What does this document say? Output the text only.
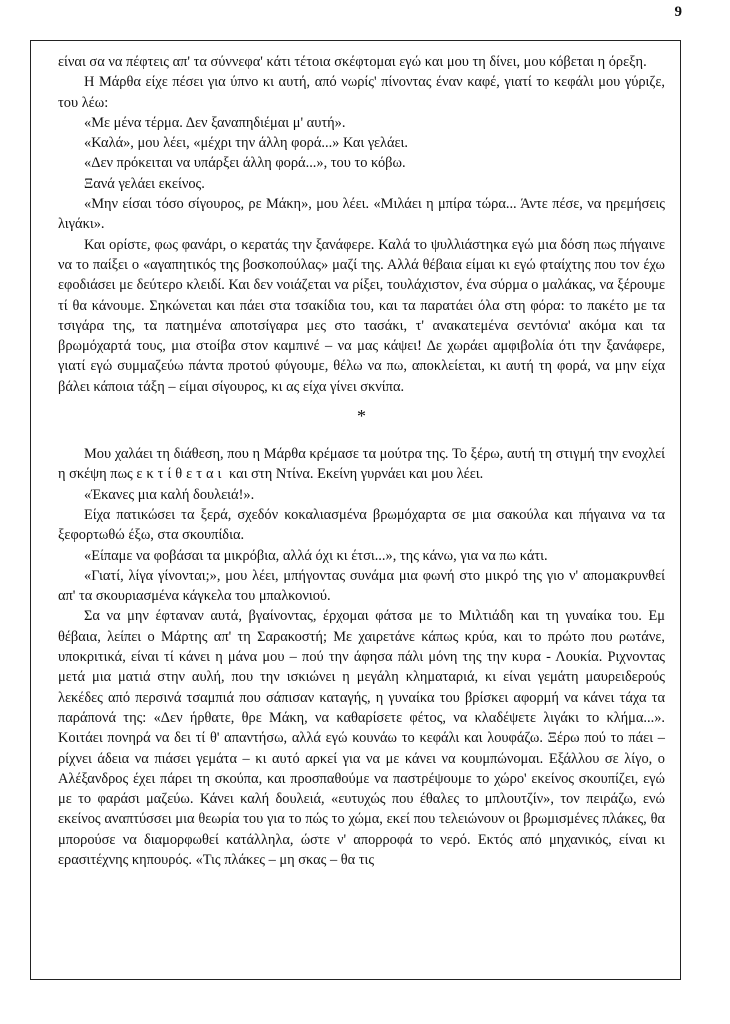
9

είναι σα να πέφτεις απ' τα σύννεφα' κάτι τέτοια σκέφτομαι εγώ και μου τη δίνει, μου κόβεται η όρεξη.

Η Μάρθα είχε πέσει για ύπνο κι αυτή, από νωρίς' πίνοντας έναν καφέ, γιατί το κεφάλι μου γύριζε, του λέω:

«Με μένα τέρμα. Δεν ξαναπηδιέμαι μ' αυτή».

«Καλά», μου λέει, «μέχρι την άλλη φορά...» Και γελάει.

«Δεν πρόκειται να υπάρξει άλλη φορά...», του το κόβω.

Ξανά γελάει εκείνος.

«Μην είσαι τόσο σίγουρος, ρε Μάκη», μου λέει. «Μιλάει η μπίρα τώρα... Άντε πέσε, να ηρεμήσεις λιγάκι».

Και ορίστε, φως φανάρι, ο κερατάς την ξανάφερε. Καλά το ψυλλιάστηκα εγώ μια δόση πως πήγαινε να το παίξει ο «αγαπητικός της βοσκοπούλας» μαζί της. Αλλά θέβαια είμαι κι εγώ φταίχτης που τον έχω εφοδιάσει με δεύτερο κλειδί. Και δεν νοιάζεται να ρίξει, τουλάχιστον, ένα σύρμα ο μαλάκας, να ξέρουμε τί θα κάνουμε. Σηκώνεται και πάει στα τσακίδια του, και τα παρατάει όλα στη φόρα: το πακέτο με τα τσιγάρα της, τα πατημένα αποτσίγαρα μες στο τασάκι, τ' ανακατεμένα σεντόνια' ακόμα και τα βρωμόχαρτά τους, μια στοίβα στον καμπινέ – να μας κάψει! Δε χωράει αμφιβολία ότι την ξανάφερε, γιατί εγώ συμμαζεύω πάντα προτού φύγουμε, θέλω να πω, αποκλείεται, κι αυτή τη φορά, να μην είχα βάλει κάποια τάξη – είμαι σίγουρος, κι ας είχα γίνει σκνίπα.

*

Μου χαλάει τη διάθεση, που η Μάρθα κρέμασε τα μούτρα της. Το ξέρω, αυτή τη στιγμή την ενοχλεί η σκέψη πως εκτίθεται και στη Ντίνα. Εκείνη γυρνάει και μου λέει.

«Έκανες μια καλή δουλειά!».

Είχα πατικώσει τα ξερά, σχεδόν κοκαλιασμένα βρωμόχαρτα σε μια σακούλα και πήγαινα να τα ξεφορτωθώ έξω, στα σκουπίδια.

«Είπαμε να φοβάσαι τα μικρόβια, αλλά όχι κι έτσι...», της κάνω, για να πω κάτι.

«Γιατί, λίγα γίνονται;», μου λέει, μπήγοντας συνάμα μια φωνή στο μικρό της γιο ν' απομακρυνθεί απ' τα σκουριασμένα κάγκελα του μπαλκονιού.

Σα να μην έφταναν αυτά, βγαίνοντας, έρχομαι φάτσα με το Μιλτιάδη και τη γυναίκα του. Εμ θέβαια, λείπει ο Μάρτης απ' τη Σαρακοστή; Με χαιρετάνε κάπως κρύα, και το πρώτο που ρωτάνε, υποκριτικά, είναι τί κάνει η μάνα μου – πού την άφησα πάλι μόνη της την κυρα - Λουκία. Ριχνοντας μετά μια ματιά στην αυλή, που την ισκιώνει η μεγάλη κληματαριά, κι είναι γεμάτη μαυρειδερούς λεκέδες από περσινά τσαμπιά που σάπισαν καταγής, η γυναίκα του βρίσκει αφορμή να κάνει τάχα τα παράπονά της: «Δεν ήρθατε, θρε Μάκη, να καθαρίσετε φέτος, να κλαδέψετε λιγάκι το κλήμα...». Κοιτάει πονηρά να δει τί θ' απαντήσω, αλλά εγώ κουνάω το κεφάλι και λουφάζω. Ξέρω πού το πάει – ρίχνει άδεια να πιάσει γεμάτα – κι αυτό αρκεί για να με κάνει να κουμπώνομαι. Εξάλλου σε λίγο, ο Αλέξανδρος έχει πάρει τη σκούπα, και προσπαθούμε να παστρέψουμε το χώρο' εκείνος σκουπίζει, εγώ με το φαράσι μαζεύω. Κάνει καλή δουλειά, «ευτυχώς που έθαλες το μπλουτζίν», τον πειράζω, ενώ εκείνος αναπτύσσει μια θεωρία του για το πώς το χώμα, εκεί που τελειώνουν οι βρωμισμένες πλάκες, θα μπορούσε να διαμορφωθεί κατάλληλα, ώστε ν' απορροφά το νερό. Εκτός από μηχανικός, είναι κι ερασιτέχνης κηπουρός. «Τις πλάκες – μη σκας – θα τις
